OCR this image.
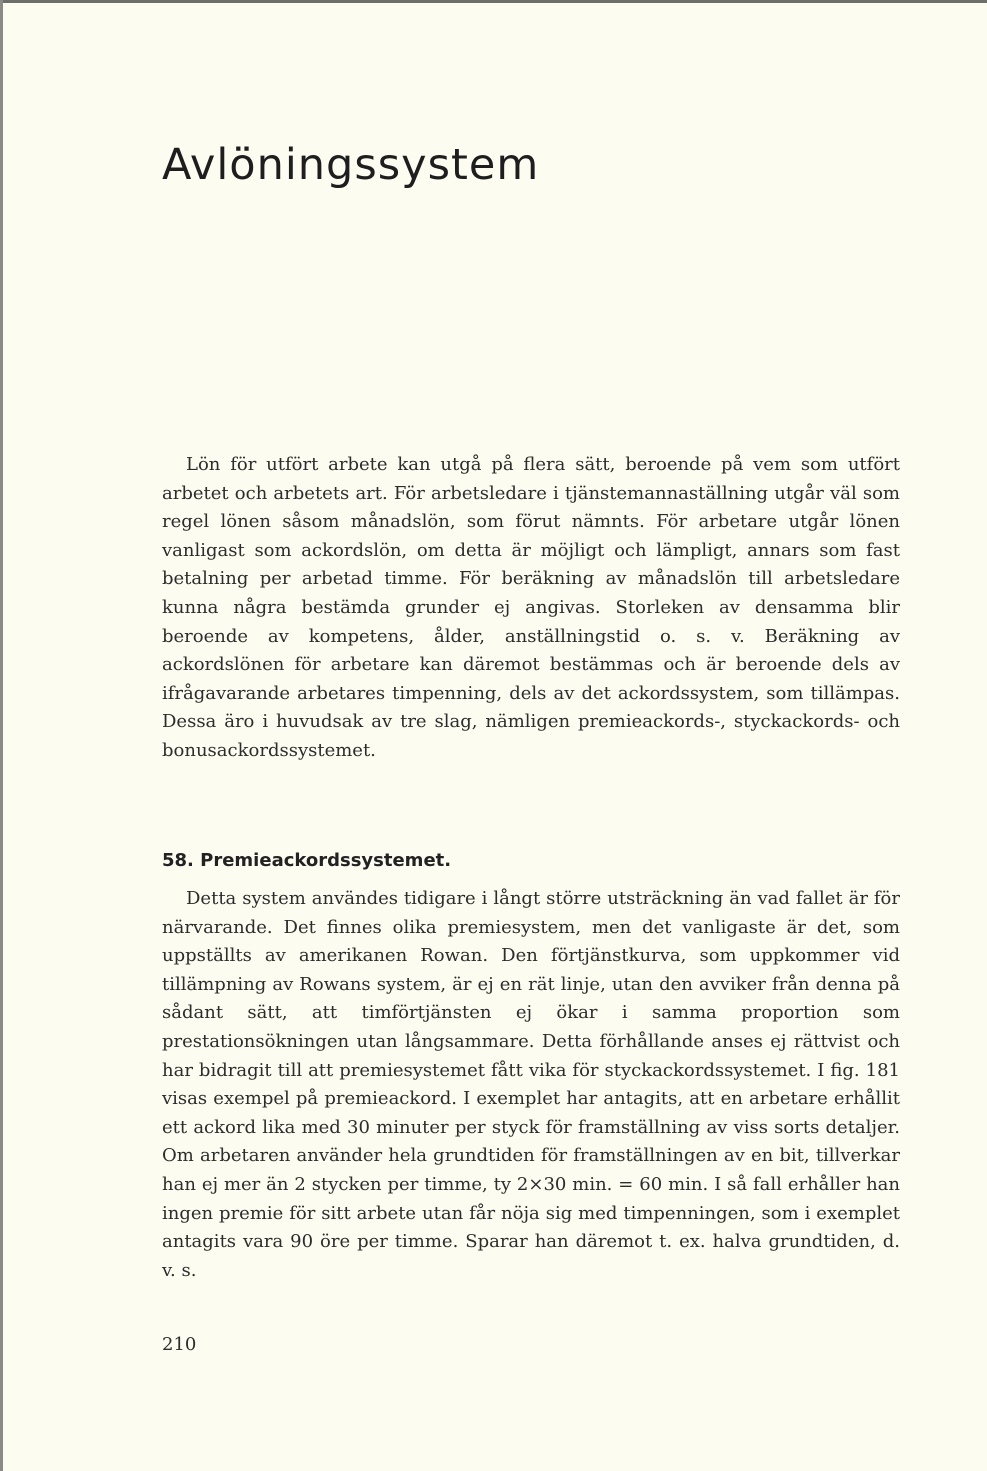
Avlöningssystem

Lön för utfört arbete kan utgå på flera sätt, beroende på vem som utfört arbetet och arbetets art. För arbetsledare i tjänstemannaställning utgår väl som regel lönen såsom månadslön, som förut nämnts. För arbetare utgår lönen vanligast som ackordslön, om detta är möjligt och lämpligt, annars som fast betalning per arbetad timme. För beräkning av månadslön till arbetsledare kunna några bestämda grunder ej angivas. Storleken av densamma blir beroende av kompetens, ålder, anställningstid o. s. v. Beräkning av ackordslönen för arbetare kan däremot bestämmas och är beroende dels av ifrågavarande arbetares timpenning, dels av det ackordssystem, som tillämpas. Dessa äro i huvudsak av tre slag, nämligen premieackords-, styckackords- och bonusackordssystemet.

58. Premieackordssystemet.

Detta system användes tidigare i långt större utsträckning än vad fallet är för närvarande. Det finnes olika premiesystem, men det vanligaste är det, som uppställts av amerikanen Rowan. Den förtjänstkurva, som uppkommer vid tillämpning av Rowans system, är ej en rät linje, utan den avviker från denna på sådant sätt, att timförtjänsten ej ökar i samma proportion som prestationsökningen utan långsammare. Detta förhållande anses ej rättvist och har bidragit till att premiesystemet fått vika för styckackordssystemet. I fig. 181 visas exempel på premieackord. I exemplet har antagits, att en arbetare erhållit ett ackord lika med 30 minuter per styck för framställning av viss sorts detaljer. Om arbetaren använder hela grundtiden för framställningen av en bit, tillverkar han ej mer än 2 stycken per timme, ty 2×30 min. = 60 min. I så fall erhåller han ingen premie för sitt arbete utan får nöja sig med timpenningen, som i exemplet antagits vara 90 öre per timme. Sparar han däremot t. ex. halva grundtiden, d. v. s.

210
